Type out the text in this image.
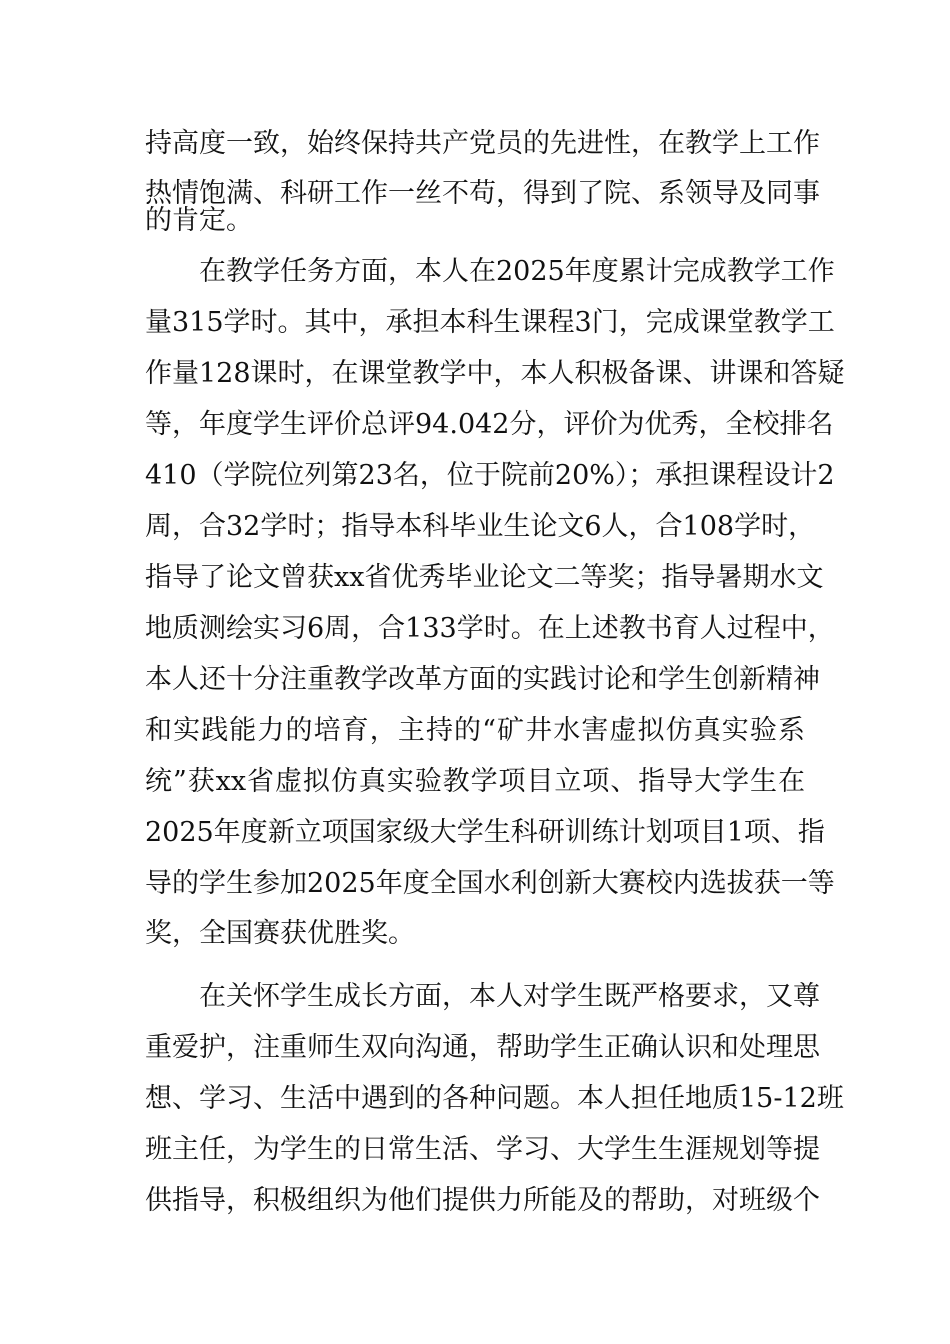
持高度一致，始终保持共产党员的先进性，在教学上工作
热情饱满、科研工作一丝不苟，得到了院、系领导及同事
的肯定。
在教学任务方面，本人在2025年度累计完成教学工作
量315学时。其中，承担本科生课程3门，完成课堂教学工
作量128课时，在课堂教学中，本人积极备课、讲课和答疑
等，年度学生评价总评94.042分，评价为优秀，全校排名
410（学院位列第23名，位于院前20%）；承担课程设计2
周，合32学时；指导本科毕业生论文6人，合108学时，
指导了论文曾获xx省优秀毕业论文二等奖；指导暑期水文
地质测绘实习6周，合133学时。在上述教书育人过程中，
本人还十分注重教学改革方面的实践讨论和学生创新精神
和实践能力的培育，主持的“矿井水害虚拟仿真实验系
统”获xx省虚拟仿真实验教学项目立项、指导大学生在
2025年度新立项国家级大学生科研训练计划项目1项、指
导的学生参加2025年度全国水利创新大赛校内选拔获一等
奖，全国赛获优胜奖。
在关怀学生成长方面，本人对学生既严格要求，又尊
重爱护，注重师生双向沟通，帮助学生正确认识和处理思
想、学习、生活中遇到的各种问题。本人担任地质15-12班
班主任，为学生的日常生活、学习、大学生生涯规划等提
供指导，积极组织为他们提供力所能及的帮助，对班级个
